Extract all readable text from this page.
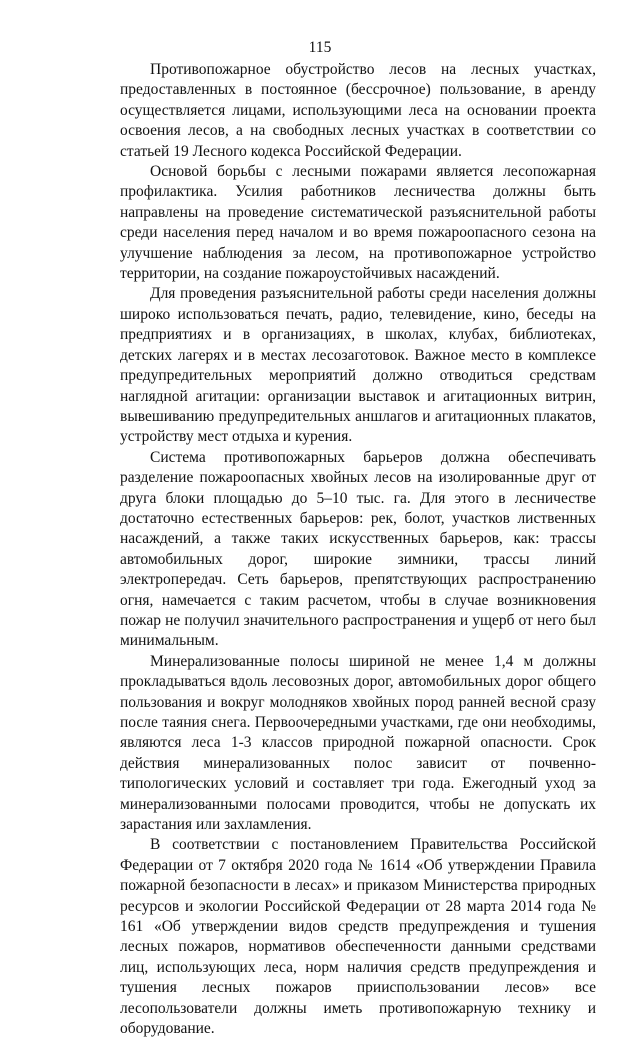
115

Противопожарное обустройство лесов на лесных участках, предоставленных в постоянное (бессрочное) пользование, в аренду осуществляется лицами, использующими леса на основании проекта освоения лесов, а на свободных лесных участках в соответствии со статьей 19 Лесного кодекса Российской Федерации.

Основой борьбы с лесными пожарами является лесопожарная профилактика. Усилия работников лесничества должны быть направлены на проведение систематической разъяснительной работы среди населения перед началом и во время пожароопасного сезона на улучшение наблюдения за лесом, на противопожарное устройство территории, на создание пожароустойчивых насаждений.

Для проведения разъяснительной работы среди населения должны широко использоваться печать, радио, телевидение, кино, беседы на предприятиях и в организациях, в школах, клубах, библиотеках, детских лагерях и в местах лесозаготовок. Важное место в комплексе предупредительных мероприятий должно отводиться средствам наглядной агитации: организации выставок и агитационных витрин, вывешиванию предупредительных аншлагов и агитационных плакатов, устройству мест отдыха и курения.

Система противопожарных барьеров должна обеспечивать разделение пожароопасных хвойных лесов на изолированные друг от друга блоки площадью до 5–10 тыс. га. Для этого в лесничестве достаточно естественных барьеров: рек, болот, участков лиственных насаждений, а также таких искусственных барьеров, как: трассы автомобильных дорог, широкие зимники, трассы линий электропередач. Сеть барьеров, препятствующих распространению огня, намечается с таким расчетом, чтобы в случае возникновения пожар не получил значительного распространения и ущерб от него был минимальным.

Минерализованные полосы шириной не менее 1,4 м должны прокладываться вдоль лесовозных дорог, автомобильных дорог общего пользования и вокруг молодняков хвойных пород ранней весной сразу после таяния снега. Первоочередными участками, где они необходимы, являются леса 1-3 классов природной пожарной опасности. Срок действия минерализованных полос зависит от почвенно-типологических условий и составляет три года. Ежегодный уход за минерализованными полосами проводится, чтобы не допускать их зарастания или захламления.

В соответствии с постановлением Правительства Российской Федерации от 7 октября 2020 года № 1614 «Об утверждении Правила пожарной безопасности в лесах» и приказом Министерства природных ресурсов и экологии Российской Федерации от 28 марта 2014 года № 161 «Об утверждении видов средств предупреждения и тушения лесных пожаров, нормативов обеспеченности данными средствами лиц, использующих леса, норм наличия средств предупреждения и тушения лесных пожаров прииспользовании лесов» все лесопользователи должны иметь противопожарную технику и оборудование.
